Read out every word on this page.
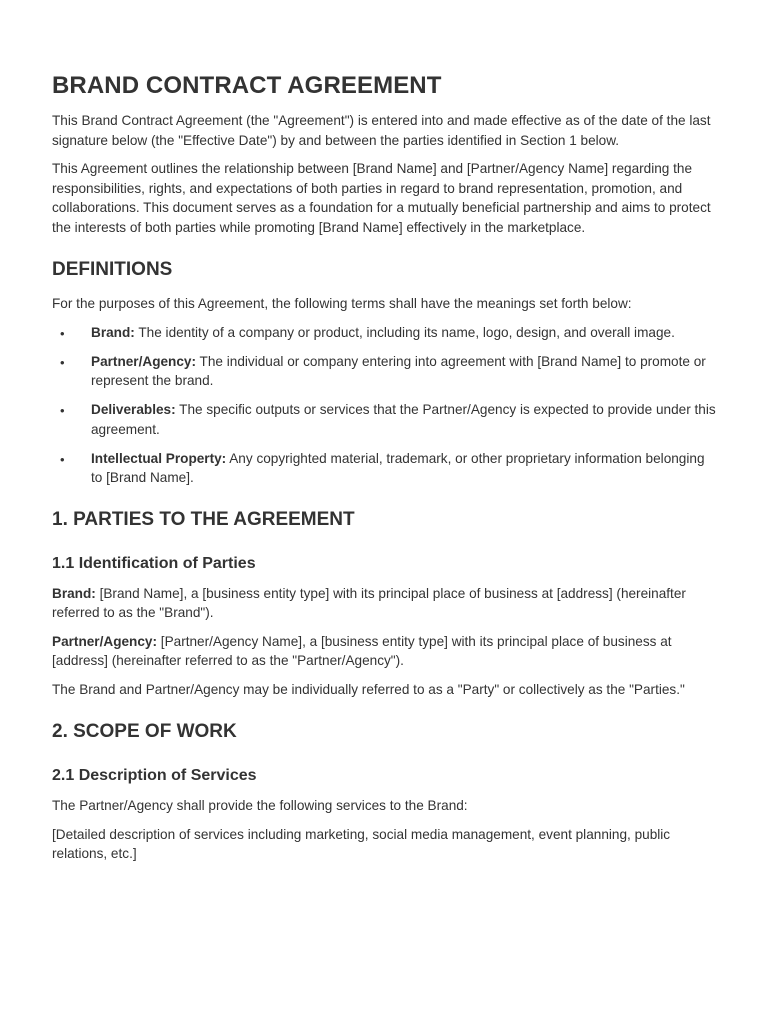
BRAND CONTRACT AGREEMENT

This Brand Contract Agreement (the "Agreement") is entered into and made effective as of the date of the last signature below (the "Effective Date") by and between the parties identified in Section 1 below.

This Agreement outlines the relationship between [Brand Name] and [Partner/Agency Name] regarding the responsibilities, rights, and expectations of both parties in regard to brand representation, promotion, and collaborations. This document serves as a foundation for a mutually beneficial partnership and aims to protect the interests of both parties while promoting [Brand Name] effectively in the marketplace.

DEFINITIONS

For the purposes of this Agreement, the following terms shall have the meanings set forth below:

• Brand: The identity of a company or product, including its name, logo, design, and overall image.
• Partner/Agency: The individual or company entering into agreement with [Brand Name] to promote or represent the brand.
• Deliverables: The specific outputs or services that the Partner/Agency is expected to provide under this agreement.
• Intellectual Property: Any copyrighted material, trademark, or other proprietary information belonging to [Brand Name].
1. PARTIES TO THE AGREEMENT
1.1 Identification of Parties

Brand: [Brand Name], a [business entity type] with its principal place of business at [address] (hereinafter referred to as the "Brand").

Partner/Agency: [Partner/Agency Name], a [business entity type] with its principal place of business at [address] (hereinafter referred to as the "Partner/Agency").

The Brand and Partner/Agency may be individually referred to as a "Party" or collectively as the "Parties."

2. SCOPE OF WORK
2.1 Description of Services

The Partner/Agency shall provide the following services to the Brand:

[Detailed description of services including marketing, social media management, event planning, public relations, etc.]
